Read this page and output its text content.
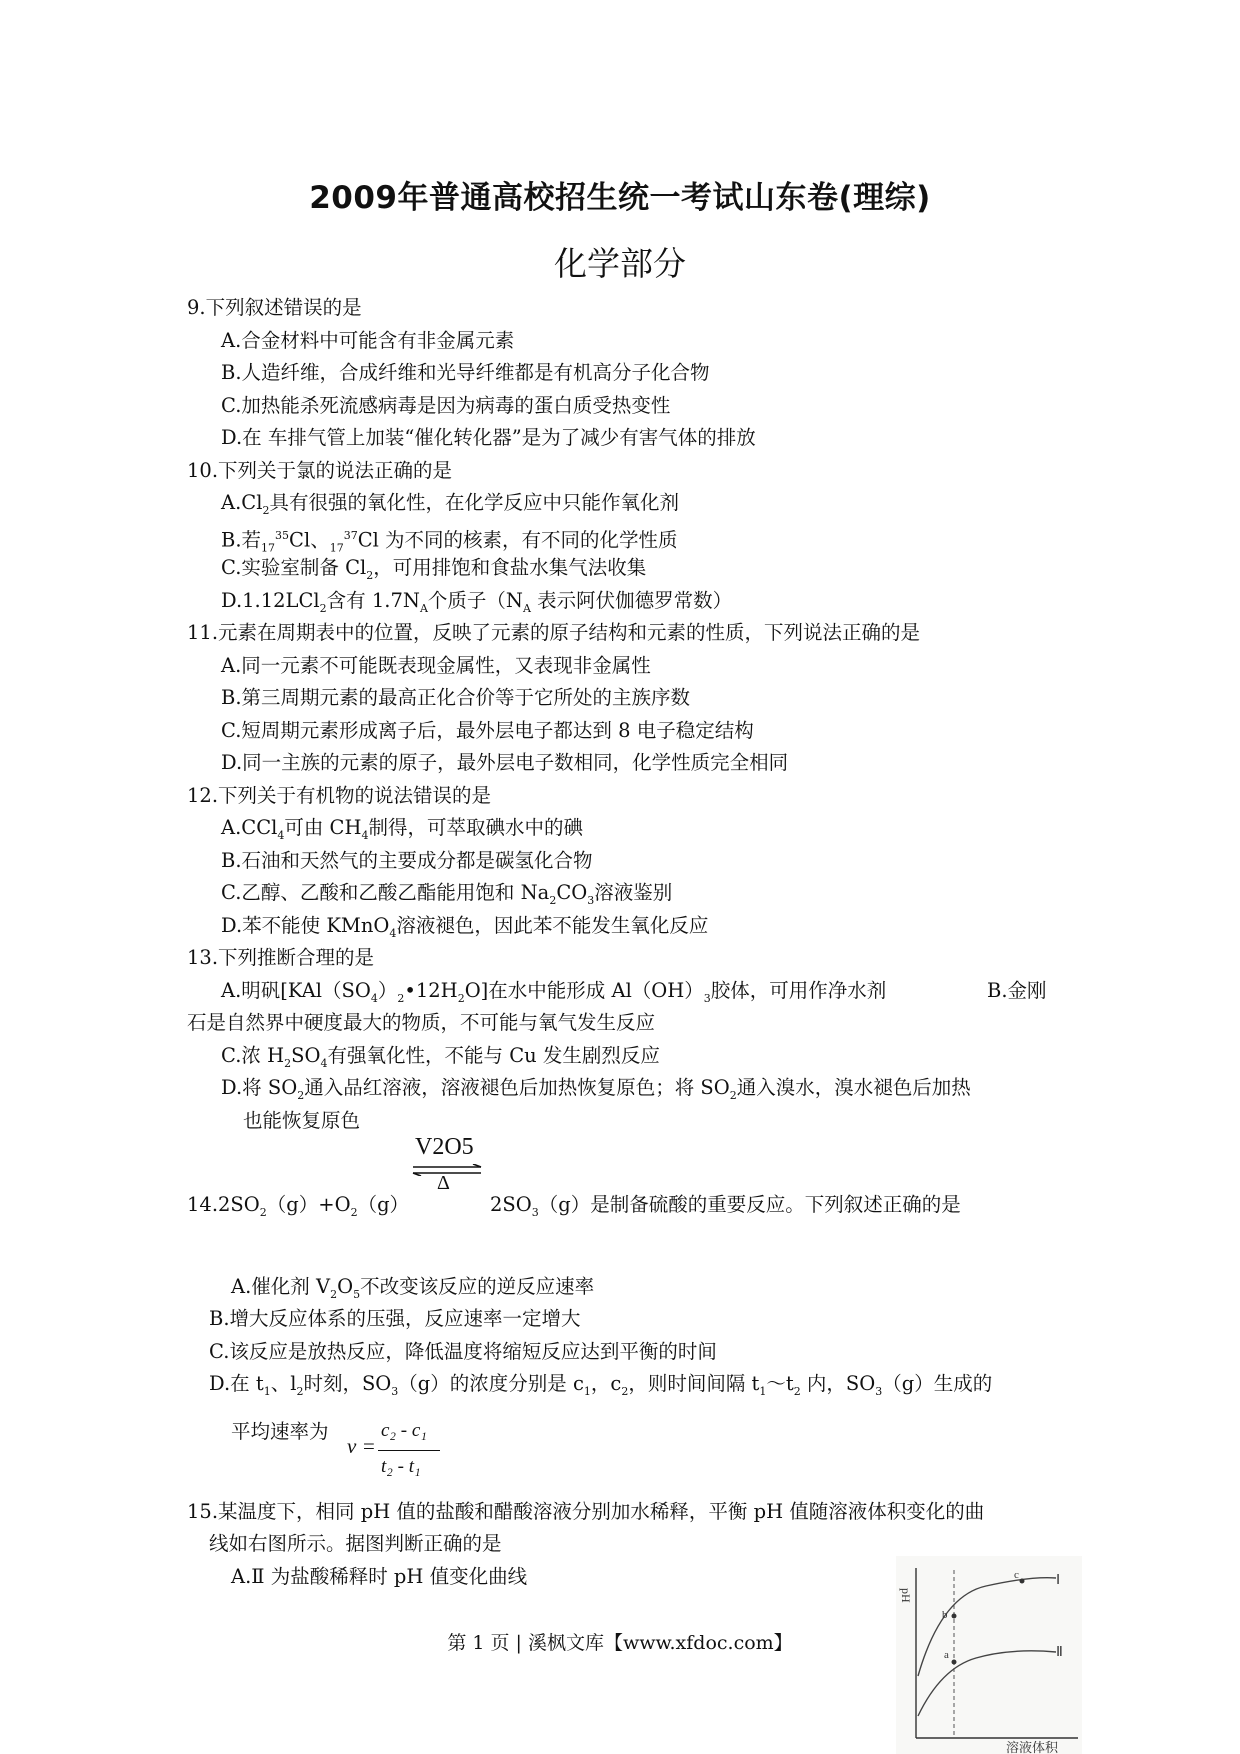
2009年普通高校招生统一考试山东卷(理综)
化学部分
9.下列叙述错误的是
A.合金材料中可能含有非金属元素
B.人造纤维，合成纤维和光导纤维都是有机高分子化合物
C.加热能杀死流感病毒是因为病毒的蛋白质受热变性
D.在 车排气管上加装“催化转化器”是为了减少有害气体的排放
10.下列关于氯的说法正确的是
$A.Cl_2$具有很强的氧化性，在化学反应中只能作氧化剂
B.若$_{17}^{35}$Cl、$_{17}^{37}$Cl 为不同的核素，有不同的化学性质
C.实验室制备 $Cl_2$，可用排饱和食盐水集气法收集
D.1.12LCl$_2$含有 $1.7N_A$个质子（$N_A$ 表示阿伏伽德罗常数）
11.元素在周期表中的位置，反映了元素的原子结构和元素的性质，下列说法正确的是
A.同一元素不可能既表现金属性，又表现非金属性
B.第三周期元素的最高正化合价等于它所处的主族序数
C.短周期元素形成离子后，最外层电子都达到 8 电子稳定结构
D.同一主族的元素的原子，最外层电子数相同，化学性质完全相同
12.下列关于有机物的说法错误的是
A.CCl$_4$可由 $CH_4$制得，可萃取碘水中的碘
B.石油和天然气的主要成分都是碳氢化合物
C.乙醇、乙酸和乙酸乙酯能用饱和 $Na_2CO_3$溶液鉴别
D.苯不能使 KMnO$_4$溶液褪色，因此苯不能发生氧化反应
13.下列推断合理的是
A.明矾$[KAl(SO_4)_2•12H_2O]$在水中能形成 $Al(OH)_3$胶体，可用作净水剂	B.金刚
石是自然界中硬度最大的物质，不可能与氧气发生反应
C.浓 $H_2SO_4$有强氧化性，不能与 Cu 发生剧烈反应
D.将 $SO_2$通入品红溶液，溶液褪色后加热恢复原色；将 $SO_2$通入溴水，溴水褪色后加热
也能恢复原色
V2O5
Δ
$14.2SO_2(g)+O_2(g)$	$2SO_3(g)$是制备硫酸的重要反应。下列叙述正确的是
A.催化剂 $V_2O_5$不改变该反应的逆反应速率
B.增大反应体系的压强，反应速率一定增大
C.该反应是放热反应，降低温度将缩短反应达到平衡的时间
D.在 $t_1$、$l_2$时刻，$SO_3(g)$的浓度分别是 $c_1$，$c_2$，则时间间隔 $t_1\sim t_2$ 内，$SO_3(g)$生成的
平均速率为
v =
c₂ - c₁
t₂ - t₁
15.某温度下，相同 pH 值的盐酸和醋酸溶液分别加水稀释，平衡 pH 值随溶液体积变化的曲
线如右图所示。据图判断正确的是
A.Ⅱ 为盐酸稀释时 pH 值变化曲线
a
b
c	Ⅰ
Ⅱ
pH
溶液体积
第 1 页 | 溪枫文库【www.xfdoc.com】
